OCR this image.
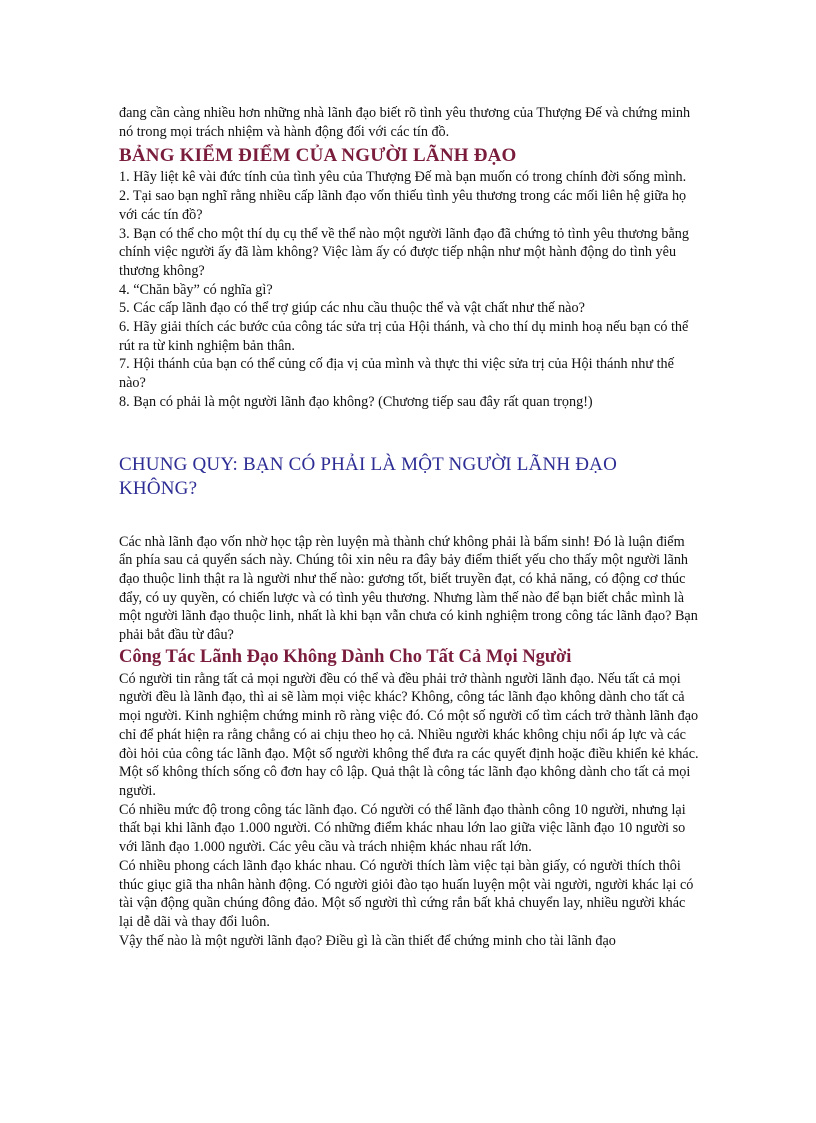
đang cần càng nhiều hơn những nhà lãnh đạo biết rõ tình yêu thương của Thượng Đế và chứng minh nó trong mọi trách nhiệm và hành động đối với các tín đồ.

BẢNG KIỂM ĐIỂM CỦA NGƯỜI LÃNH ĐẠO

1. Hãy liệt kê vài đức tính của tình yêu của Thượng Đế mà bạn muốn có trong chính đời sống mình.

2. Tại sao bạn nghĩ rằng nhiều cấp lãnh đạo vốn thiếu tình yêu thương trong các mối liên hệ giữa họ với các tín đồ?

3. Bạn có thể cho một thí dụ cụ thể về thể nào một người lãnh đạo đã chứng tỏ tình yêu thương bằng chính việc người ấy đã làm không? Việc làm ấy có được tiếp nhận như một hành động do tình yêu thương không?

4. “Chăn bầy” có nghĩa gì?

5. Các cấp lãnh đạo có thể trợ giúp các nhu cầu thuộc thể và vật chất như thế nào?

6. Hãy giải thích các bước của công tác sửa trị của Hội thánh, và cho thí dụ minh hoạ nếu bạn có thể rút ra từ kinh nghiệm bản thân.

7. Hội thánh của bạn có thể củng cố địa vị của mình và thực thi việc sửa trị của Hội thánh như thế nào?

8. Bạn có phải là một người lãnh đạo không? (Chương tiếp sau đây rất quan trọng!)

CHUNG QUY: BẠN CÓ PHẢI LÀ MỘT NGƯỜI LÃNH ĐẠO KHÔNG?

Các nhà lãnh đạo vốn nhờ học tập rèn luyện mà thành chứ không phải là bẩm sinh! Đó là luận điểm ẩn phía sau cả quyển sách này. Chúng tôi xin nêu ra đây bảy điểm thiết yếu cho thấy một người lãnh đạo thuộc linh thật ra là người như thế nào: gương tốt, biết truyền đạt, có khả năng, có động cơ thúc đẩy, có uy quyền, có chiến lược và có tình yêu thương. Nhưng làm thế nào để bạn biết chắc mình là một người lãnh đạo thuộc linh, nhất là khi bạn vẫn chưa có kinh nghiệm trong công tác lãnh đạo? Bạn phải bắt đầu từ đâu?

Công Tác Lãnh Đạo Không Dành Cho Tất Cả Mọi Người

Có người tin rằng tất cả mọi người đều có thể và đều phải trở thành người lãnh đạo. Nếu tất cả mọi người đều là lãnh đạo, thì ai sẽ làm mọi việc khác? Không, công tác lãnh đạo không dành cho tất cả mọi người. Kinh nghiệm chứng minh rõ ràng việc đó. Có một số người cố tìm cách trở thành lãnh đạo chỉ để phát hiện ra rằng chẳng có ai chịu theo họ cả. Nhiều người khác không chịu nổi áp lực và các đòi hỏi của công tác lãnh đạo. Một số người không thể đưa ra các quyết định hoặc điều khiển kẻ khác. Một số không thích sống cô đơn hay cô lập. Quả thật là công tác lãnh đạo không dành cho tất cả mọi người.

Có nhiều mức độ trong công tác lãnh đạo. Có người có thể lãnh đạo thành công 10 người, nhưng lại thất bại khi lãnh đạo 1.000 người. Có những điểm khác nhau lớn lao giữa việc lãnh đạo 10 người so với lãnh đạo 1.000 người. Các yêu cầu và trách nhiệm khác nhau rất lớn.

Có nhiều phong cách lãnh đạo khác nhau. Có người thích làm việc tại bàn giấy, có người thích thôi thúc giục giã tha nhân hành động. Có người giỏi đào tạo huấn luyện một vài người, người khác lại có tài vận động quần chúng đông đảo. Một số người thì cứng rắn bất khả chuyển lay, nhiều người khác lại dễ dãi và thay đổi luôn.

Vậy thế nào là một người lãnh đạo? Điều gì là cần thiết để chứng minh cho tài lãnh đạo
